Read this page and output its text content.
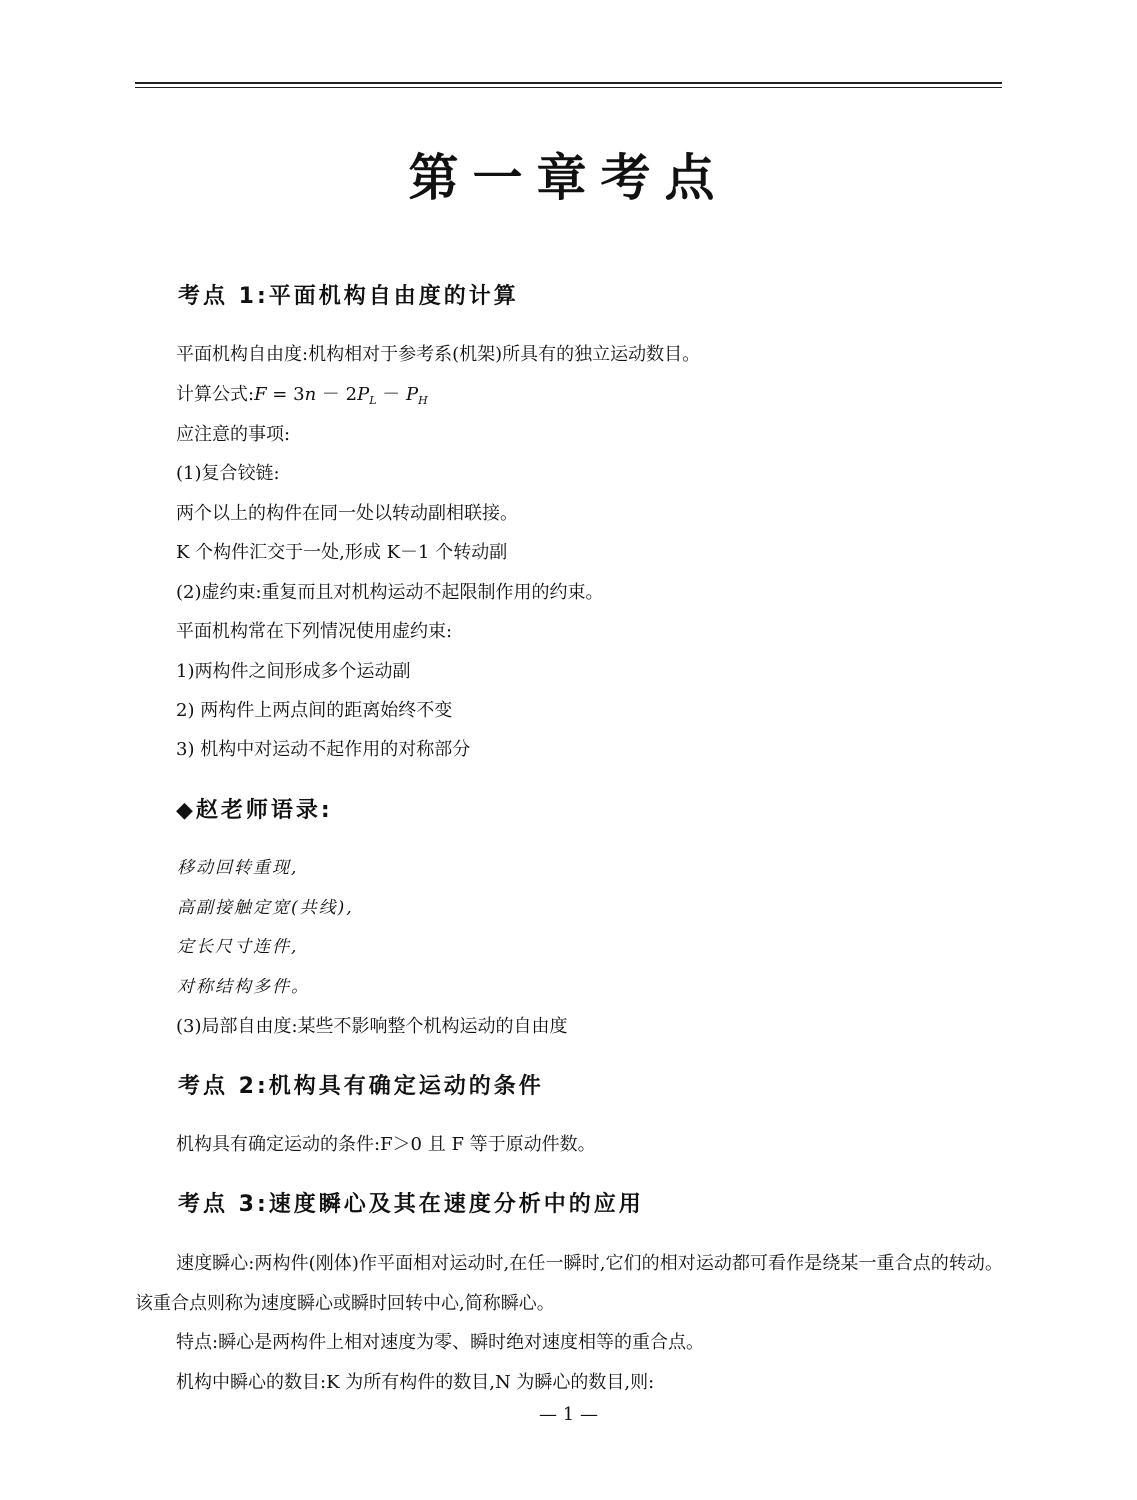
第一章考点
考点 1:平面机构自由度的计算
平面机构自由度:机构相对于参考系(机架)所具有的独立运动数目。
计算公式:F = $3n - 2P_L - P_H$
应注意的事项:
(1)复合铰链:
两个以上的构件在同一处以转动副相联接。
K 个构件汇交于一处,形成 K－1 个转动副
(2)虚约束:重复而且对机构运动不起限制作用的约束。
平面机构常在下列情况使用虚约束:
1)两构件之间形成多个运动副
2) 两构件上两点间的距离始终不变
3) 机构中对运动不起作用的对称部分
◆赵老师语录:
移动回转重现,
高副接触定宽(共线),
定长尺寸连件,
对称结构多件。
(3)局部自由度:某些不影响整个机构运动的自由度
考点 2:机构具有确定运动的条件
机构具有确定运动的条件:F＞0 且 F 等于原动件数。
考点 3:速度瞬心及其在速度分析中的应用
速度瞬心:两构件(刚体)作平面相对运动时,在任一瞬时,它们的相对运动都可看作是绕某一重合点的转动。该重合点则称为速度瞬心或瞬时回转中心,简称瞬心。
特点:瞬心是两构件上相对速度为零、瞬时绝对速度相等的重合点。
机构中瞬心的数目:K 为所有构件的数目,N 为瞬心的数目,则:
— 1 —
